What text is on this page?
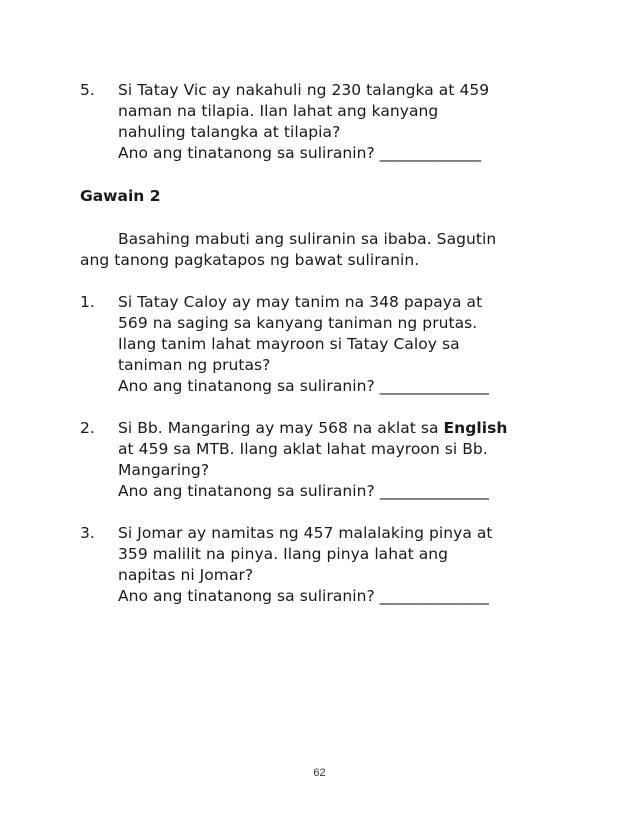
5. Si Tatay Vic ay nakahuli ng 230 talangka at 459
naman na tilapia. Ilan lahat ang kanyang
nahuling talangka at tilapia?
Ano ang tinatanong sa suliranin? _____________
Gawain 2
Basahing mabuti ang suliranin sa ibaba. Sagutin
ang tanong pagkatapos ng bawat suliranin.
1. Si Tatay Caloy ay may tanim na 348 papaya at
569 na saging sa kanyang taniman ng prutas.
Ilang tanim lahat mayroon si Tatay Caloy sa
taniman ng prutas?
Ano ang tinatanong sa suliranin? ______________
2. Si Bb. Mangaring ay may 568 na aklat sa English
at 459 sa MTB. Ilang aklat lahat mayroon si Bb.
Mangaring?
Ano ang tinatanong sa suliranin? ______________
3. Si Jomar ay namitas ng 457 malalaking pinya at
359 malilit na pinya. Ilang pinya lahat ang
napitas ni Jomar?
Ano ang tinatanong sa suliranin? ______________
62
